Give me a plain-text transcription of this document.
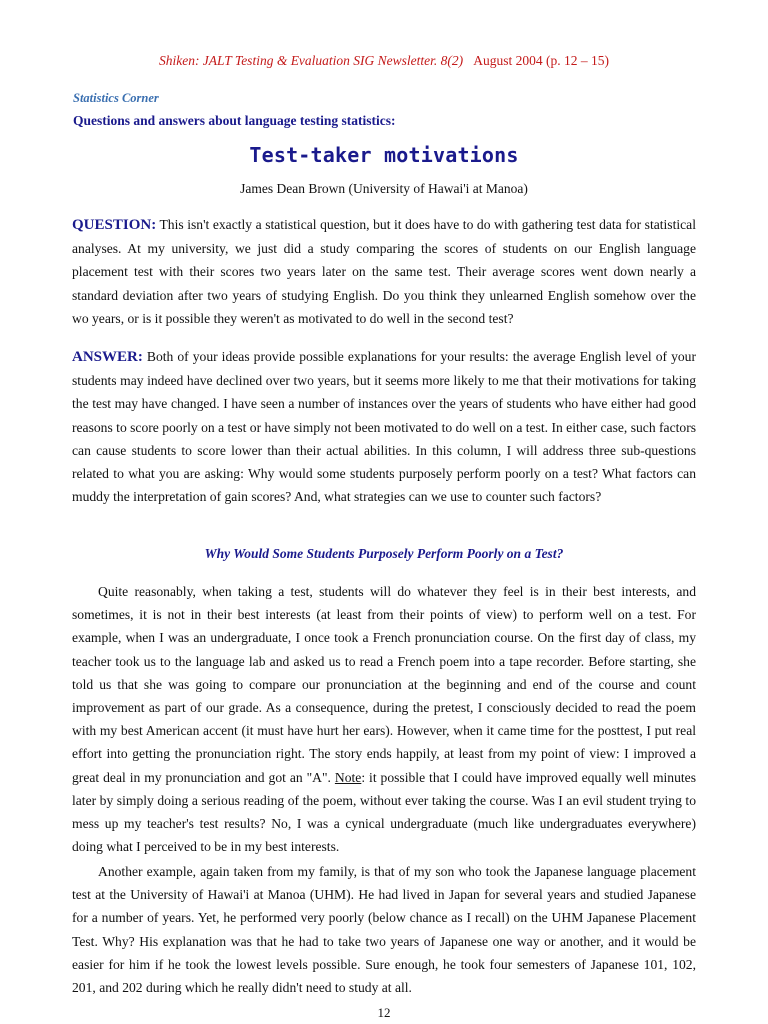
Shiken: JALT Testing & Evaluation SIG Newsletter. 8(2) August 2004 (p. 12 – 15)
Statistics Corner
Questions and answers about language testing statistics:
Test-taker motivations
James Dean Brown (University of Hawai'i at Manoa)
QUESTION: This isn't exactly a statistical question, but it does have to do with gathering test data for statistical analyses. At my university, we just did a study comparing the scores of students on our English language placement test with their scores two years later on the same test. Their average scores went down nearly a standard deviation after two years of studying English. Do you think they unlearned English somehow over the wo years, or is it possible they weren't as motivated to do well in the second test?
ANSWER: Both of your ideas provide possible explanations for your results: the average English level of your students may indeed have declined over two years, but it seems more likely to me that their motivations for taking the test may have changed. I have seen a number of instances over the years of students who have either had good reasons to score poorly on a test or have simply not been motivated to do well on a test. In either case, such factors can cause students to score lower than their actual abilities. In this column, I will address three sub-questions related to what you are asking: Why would some students purposely perform poorly on a test? What factors can muddy the interpretation of gain scores? And, what strategies can we use to counter such factors?
Why Would Some Students Purposely Perform Poorly on a Test?
Quite reasonably, when taking a test, students will do whatever they feel is in their best interests, and sometimes, it is not in their best interests (at least from their points of view) to perform well on a test. For example, when I was an undergraduate, I once took a French pronunciation course. On the first day of class, my teacher took us to the language lab and asked us to read a French poem into a tape recorder. Before starting, she told us that she was going to compare our pronunciation at the beginning and end of the course and count improvement as part of our grade. As a consequence, during the pretest, I consciously decided to read the poem with my best American accent (it must have hurt her ears). However, when it came time for the posttest, I put real effort into getting the pronunciation right. The story ends happily, at least from my point of view: I improved a great deal in my pronunciation and got an "A". Note: it possible that I could have improved equally well minutes later by simply doing a serious reading of the poem, without ever taking the course. Was I an evil student trying to mess up my teacher's test results? No, I was a cynical undergraduate (much like undergraduates everywhere) doing what I perceived to be in my best interests.
Another example, again taken from my family, is that of my son who took the Japanese language placement test at the University of Hawai'i at Manoa (UHM). He had lived in Japan for several years and studied Japanese for a number of years. Yet, he performed very poorly (below chance as I recall) on the UHM Japanese Placement Test. Why? His explanation was that he had to take two years of Japanese one way or another, and it would be easier for him if he took the lowest levels possible. Sure enough, he took four semesters of Japanese 101, 102, 201, and 202 during which he really didn't need to study at all.
12
